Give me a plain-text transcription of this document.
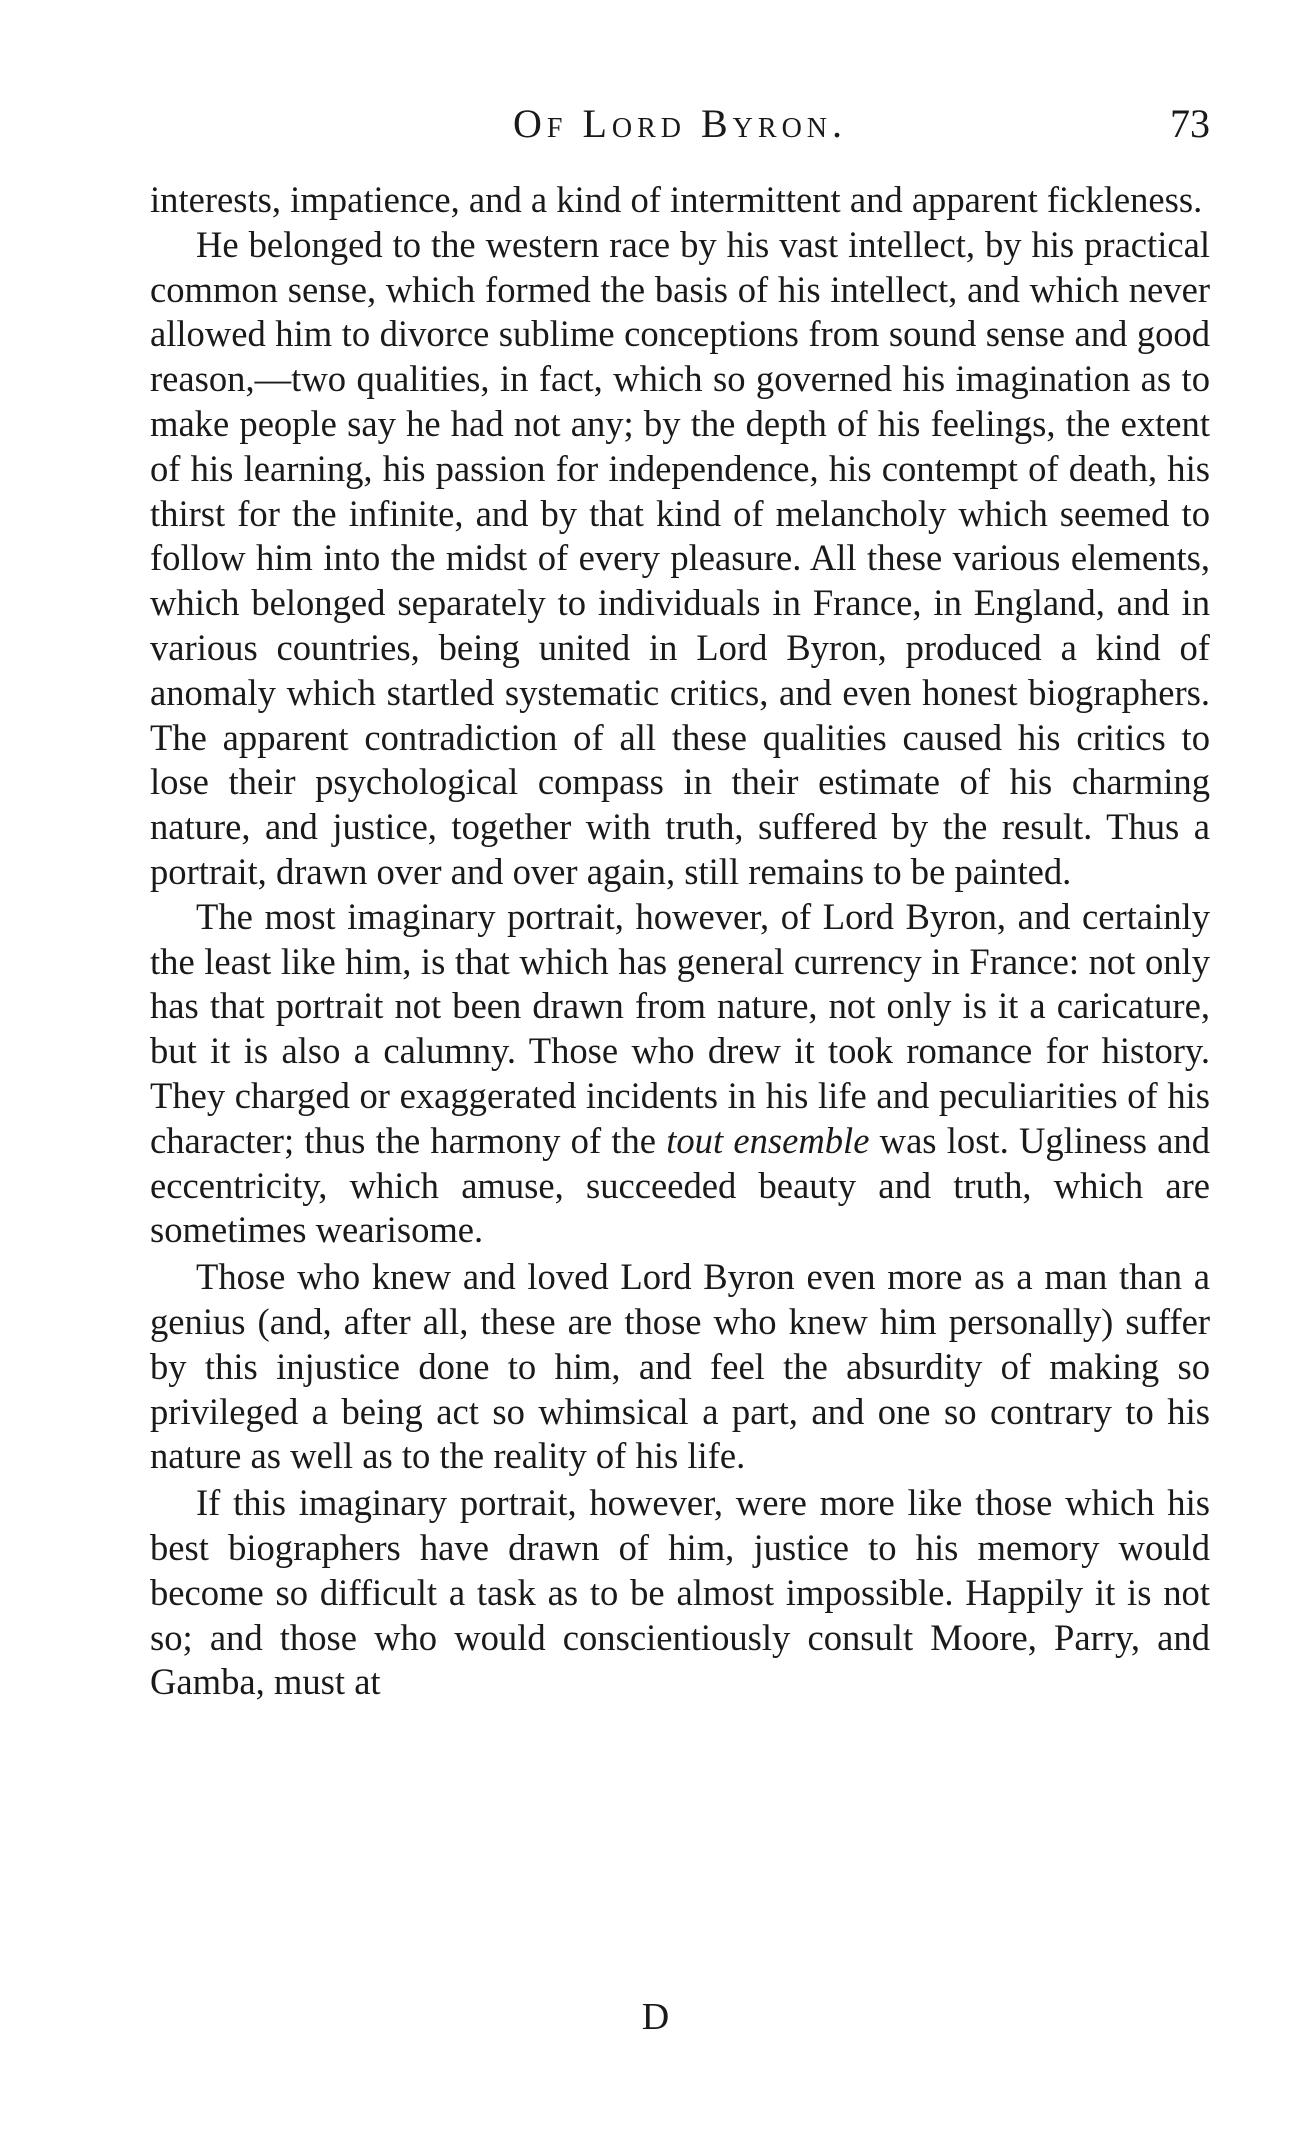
Of Lord Byron.	73

interests, impatience, and a kind of intermittent and apparent fickleness.

He belonged to the western race by his vast intellect, by his practical common sense, which formed the basis of his intellect, and which never allowed him to divorce sublime conceptions from sound sense and good reason,—two qualities, in fact, which so governed his imagination as to make people say he had not any; by the depth of his feelings, the extent of his learning, his passion for independence, his contempt of death, his thirst for the infinite, and by that kind of melancholy which seemed to follow him into the midst of every pleasure. All these various elements, which belonged separately to individuals in France, in England, and in various countries, being united in Lord Byron, produced a kind of anomaly which startled systematic critics, and even honest biographers. The apparent contradiction of all these qualities caused his critics to lose their psychological compass in their estimate of his charming nature, and justice, together with truth, suffered by the result. Thus a portrait, drawn over and over again, still remains to be painted.

The most imaginary portrait, however, of Lord Byron, and certainly the least like him, is that which has general currency in France: not only has that portrait not been drawn from nature, not only is it a caricature, but it is also a calumny. Those who drew it took romance for history. They charged or exaggerated incidents in his life and peculiarities of his character; thus the harmony of the tout ensemble was lost. Ugliness and eccentricity, which amuse, succeeded beauty and truth, which are sometimes wearisome.

Those who knew and loved Lord Byron even more as a man than a genius (and, after all, these are those who knew him personally) suffer by this injustice done to him, and feel the absurdity of making so privileged a being act so whimsical a part, and one so contrary to his nature as well as to the reality of his life.

If this imaginary portrait, however, were more like those which his best biographers have drawn of him, justice to his memory would become so difficult a task as to be almost impossible. Happily it is not so; and those who would conscientiously consult Moore, Parry, and Gamba, must at

D
